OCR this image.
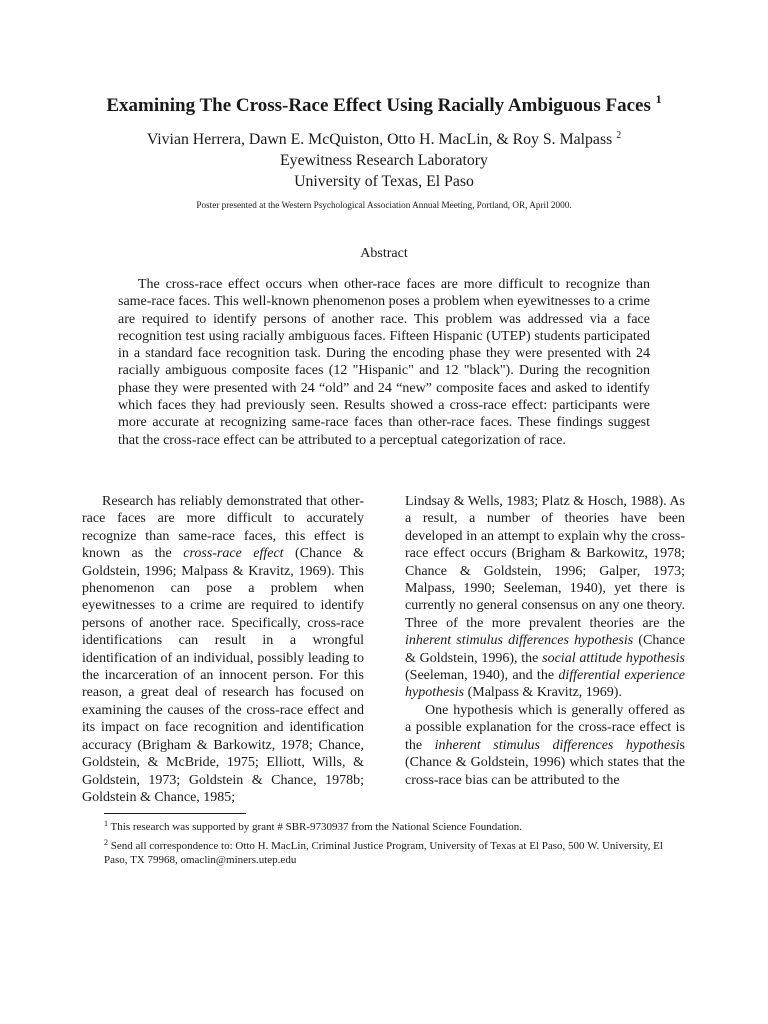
Examining The Cross-Race Effect Using Racially Ambiguous Faces $^1$
Vivian Herrera, Dawn E. McQuiston, Otto H. MacLin, & Roy S. Malpass $^2$
Eyewitness Research Laboratory
University of Texas, El Paso
Poster presented at the Western Psychological Association Annual Meeting, Portland, OR, April 2000.
Abstract

The cross-race effect occurs when other-race faces are more difficult to recognize than same-race faces. This well-known phenomenon poses a problem when eyewitnesses to a crime are required to identify persons of another race. This problem was addressed via a face recognition test using racially ambiguous faces. Fifteen Hispanic (UTEP) students participated in a standard face recognition task. During the encoding phase they were presented with 24 racially ambiguous composite faces (12 "Hispanic" and 12 "black"). During the recognition phase they were presented with 24 “old” and 24 “new” composite faces and asked to identify which faces they had previously seen. Results showed a cross-race effect: participants were more accurate at recognizing same-race faces than other-race faces. These findings suggest that the cross-race effect can be attributed to a perceptual categorization of race.

Research has reliably demonstrated that other-race faces are more difficult to accurately recognize than same-race faces, this effect is known as the cross-race effect (Chance & Goldstein, 1996; Malpass & Kravitz, 1969). This phenomenon can pose a problem when eyewitnesses to a crime are required to identify persons of another race. Specifically, cross-race identifications can result in a wrongful identification of an individual, possibly leading to the incarceration of an innocent person. For this reason, a great deal of research has focused on examining the causes of the cross-race effect and its impact on face recognition and identification accuracy (Brigham & Barkowitz, 1978; Chance, Goldstein, & McBride, 1975; Elliott, Wills, & Goldstein, 1973; Goldstein & Chance, 1978b; Goldstein & Chance, 1985;

Lindsay & Wells, 1983; Platz & Hosch, 1988). As a result, a number of theories have been developed in an attempt to explain why the cross-race effect occurs (Brigham & Barkowitz, 1978; Chance & Goldstein, 1996; Galper, 1973; Malpass, 1990; Seeleman, 1940), yet there is currently no general consensus on any one theory. Three of the more prevalent theories are the inherent stimulus differences hypothesis (Chance & Goldstein, 1996), the social attitude hypothesis (Seeleman, 1940), and the differential experience hypothesis (Malpass & Kravitz, 1969).

One hypothesis which is generally offered as a possible explanation for the cross-race effect is the inherent stimulus differences hypothesis (Chance & Goldstein, 1996) which states that the cross-race bias can be attributed to the

$^1$ This research was supported by grant # SBR-9730937 from the National Science Foundation.

$^2$ Send all correspondence to: Otto H. MacLin, Criminal Justice Program, University of Texas at El Paso, 500 W. University, El Paso, TX 79968, omaclin@miners.utep.edu
